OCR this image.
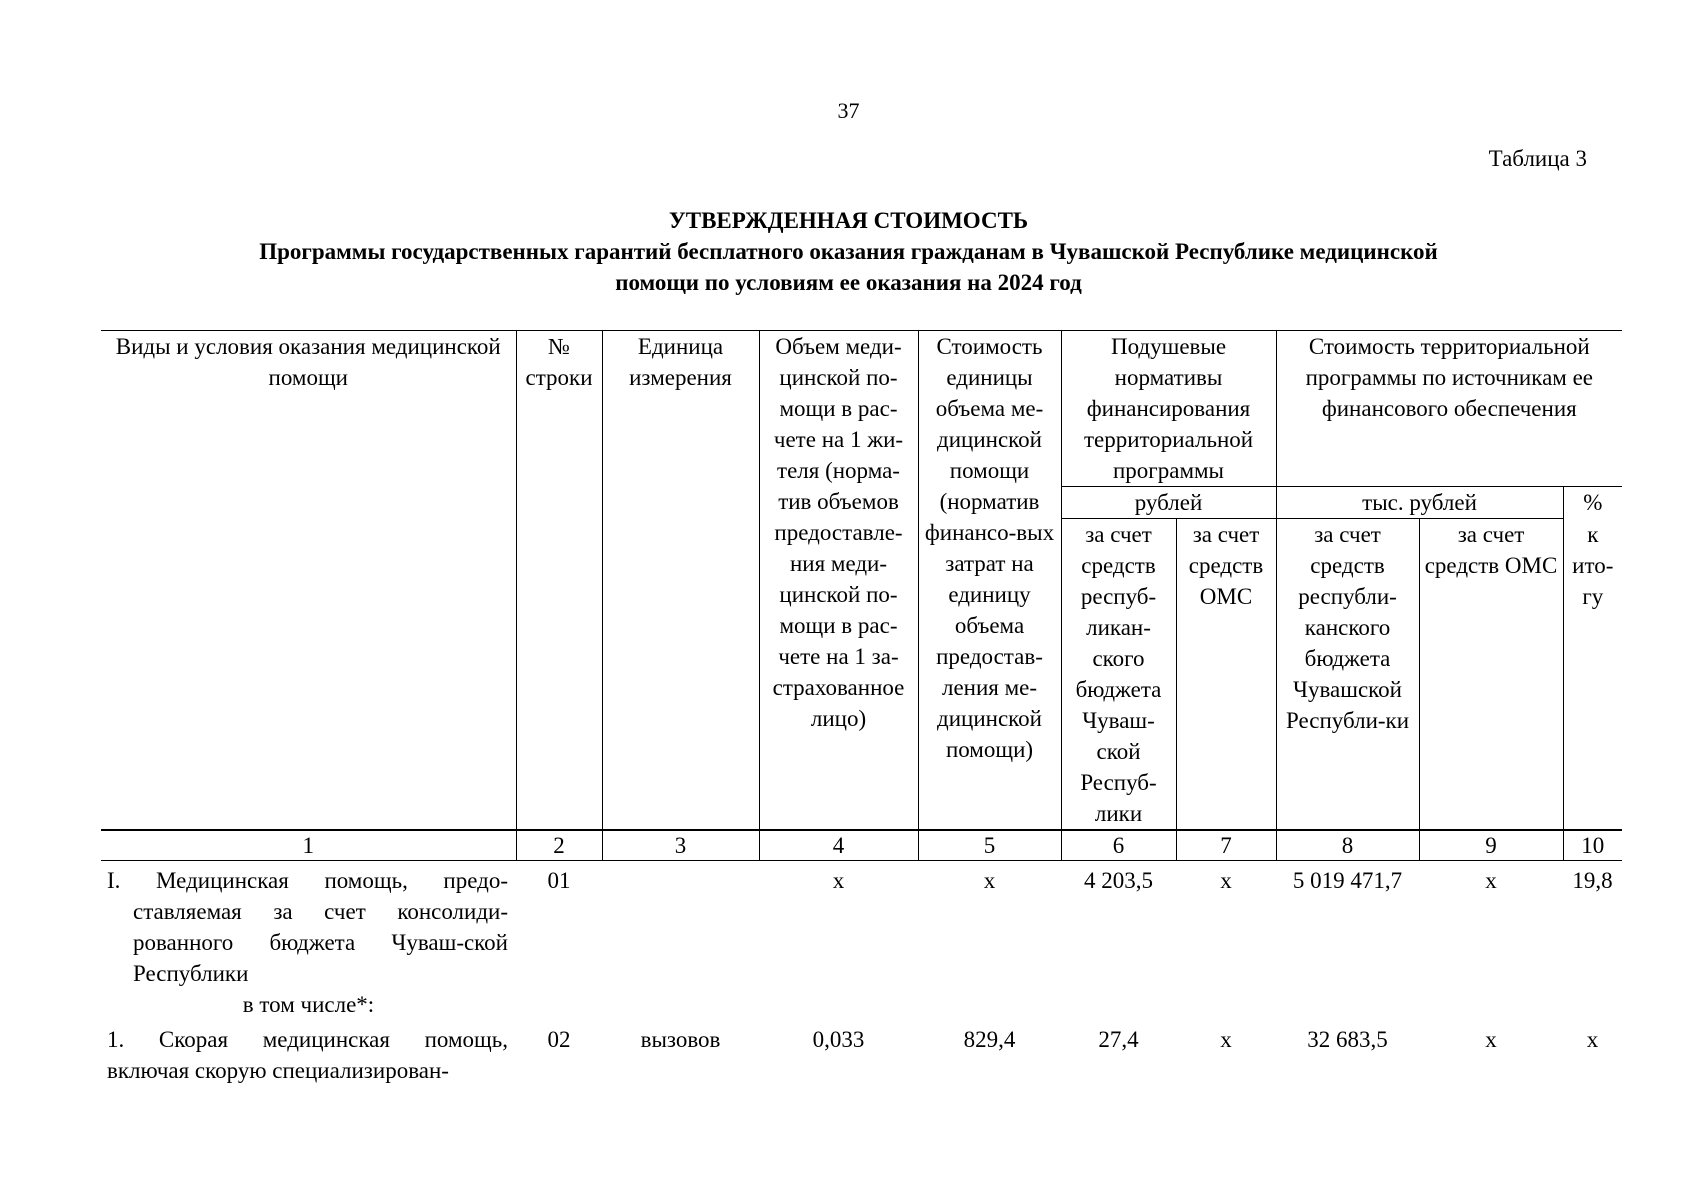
37
Таблица 3
УТВЕРЖДЕННАЯ СТОИМОСТЬ
Программы государственных гарантий бесплатного оказания гражданам в Чувашской Республике медицинской
помощи по условиям ее оказания на 2024 год
Виды и условия оказания медицинской помощи	№ строки	Единица измерения	Объем меди-цинской по-мощи в рас-чете на 1 жи-теля (норма-тив объемов предоставле-ния меди-цинской по-мощи в рас-чете на 1 за-страхованное лицо)	Стоимость единицы объема ме-дицинской помощи (норматив финансо-вых затрат на единицу объема предостав-ления ме-дицинской помощи)	Подушевые нормативы финансирования территориальной программы		Стоимость территориальной программы по источникам ее финансового обеспечения		
					рублей		тыс. рублей		%
					за счет средств респуб-ликан-ского бюджета Чуваш-ской Респуб-лики	за счет средств ОМС	за счет средств республи-канского бюджета Чувашской Республи-ки	за счет средств ОМС	к ито-гу
1	2	3	4	5	6	7	8	9	10
I. Медицинская помощь, предо-ставляемая за счет консолиди-рованного бюджета Чуваш-ской Республики	01		х	х	4 203,5	х	5 019 471,7	х	19,8
в том числе*:									
1. Скорая медицинская помощь, включая скорую специализирован-	02	вызовов	0,033	829,4	27,4	х	32 683,5	х	х
